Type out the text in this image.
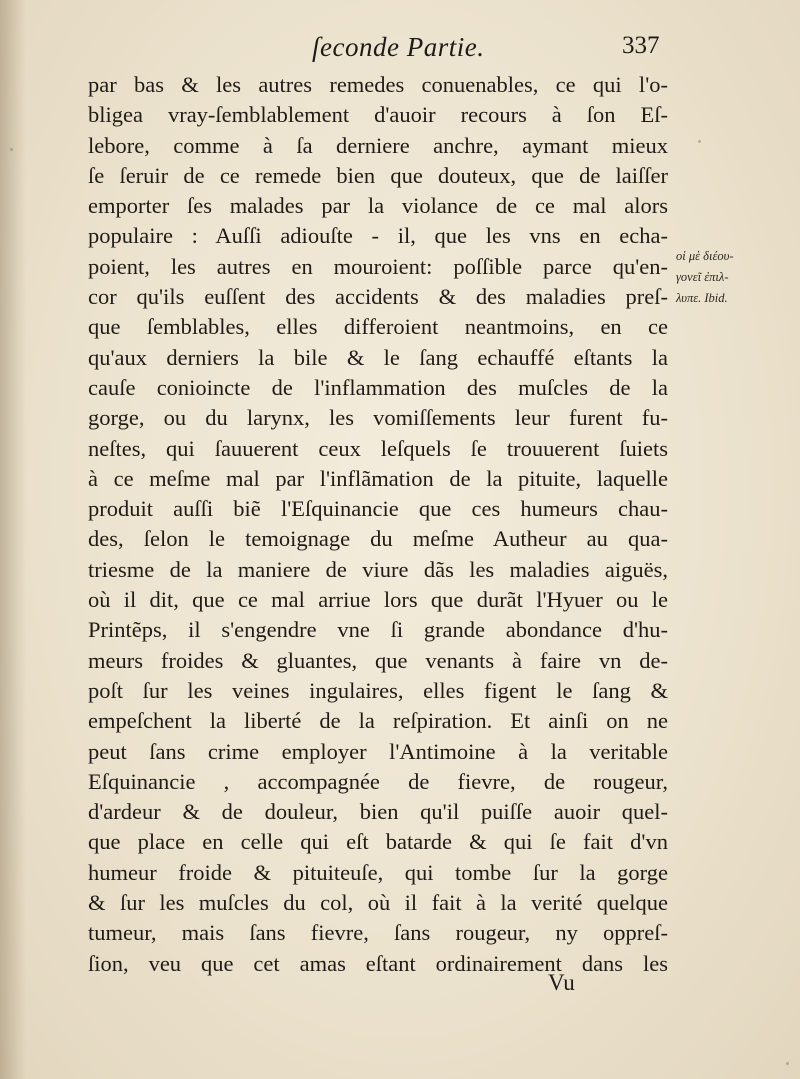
ſeconde Partie.	337
par bas & les autres remedes conuenables, ce qui l'o-
bligea vray-ſemblablement d'auoir recours à ſon Eſ-
lebore, comme à ſa derniere anchre, aymant mieux
ſe ſeruir de ce remede bien que douteux, que de laiſſer
emporter ſes malades par la violance de ce mal alors
populaire : Auſſi adiouſte - il, que les vns en echa-
poient, les autres en mouroient: poſſible parce qu'en-
cor qu'ils euſſent des accidents & des maladies preſ-
que ſemblables, elles differoient neantmoins, en ce
qu'aux derniers la bile & le ſang echauffé eſtants la
cauſe conioincte de l'inflammation des muſcles de la
gorge, ou du larynx, les vomiſſements leur furent fu-
neſtes, qui ſauuerent ceux leſquels ſe trouuerent ſuiets
à ce meſme mal par l'inflãmation de la pituite, laquelle
produit auſſi biẽ l'Eſquinancie que ces humeurs chau-
des, ſelon le temoignage du meſme Autheur au qua-
triesme de la maniere de viure dãs les maladies aiguës,
où il dit, que ce mal arriue lors que durãt l'Hyuer ou le
Printẽps, il s'engendre vne ſi grande abondance d'hu-
meurs froides & gluantes, que venants à faire vn de-
poſt ſur les veines ingulaires, elles figent le ſang &
empeſchent la liberté de la reſpiration. Et ainſi on ne
peut ſans crime employer l'Antimoine à la veritable
Eſquinancie , accompagnée de fievre, de rougeur,
d'ardeur & de douleur, bien qu'il puiſſe auoir quel-
que place en celle qui eſt batarde & qui ſe fait d'vn
humeur froide & pituiteuſe, qui tombe ſur la gorge
& ſur les muſcles du col, où il fait à la verité quelque
tumeur, mais ſans fievre, ſans rougeur, ny oppreſ-
ſion, veu que cet amas eſtant ordinairement dans les
οἱ μὲ διέου-
γονεῖ ἐπιλ-
λυπε. Ibid.
Vu
